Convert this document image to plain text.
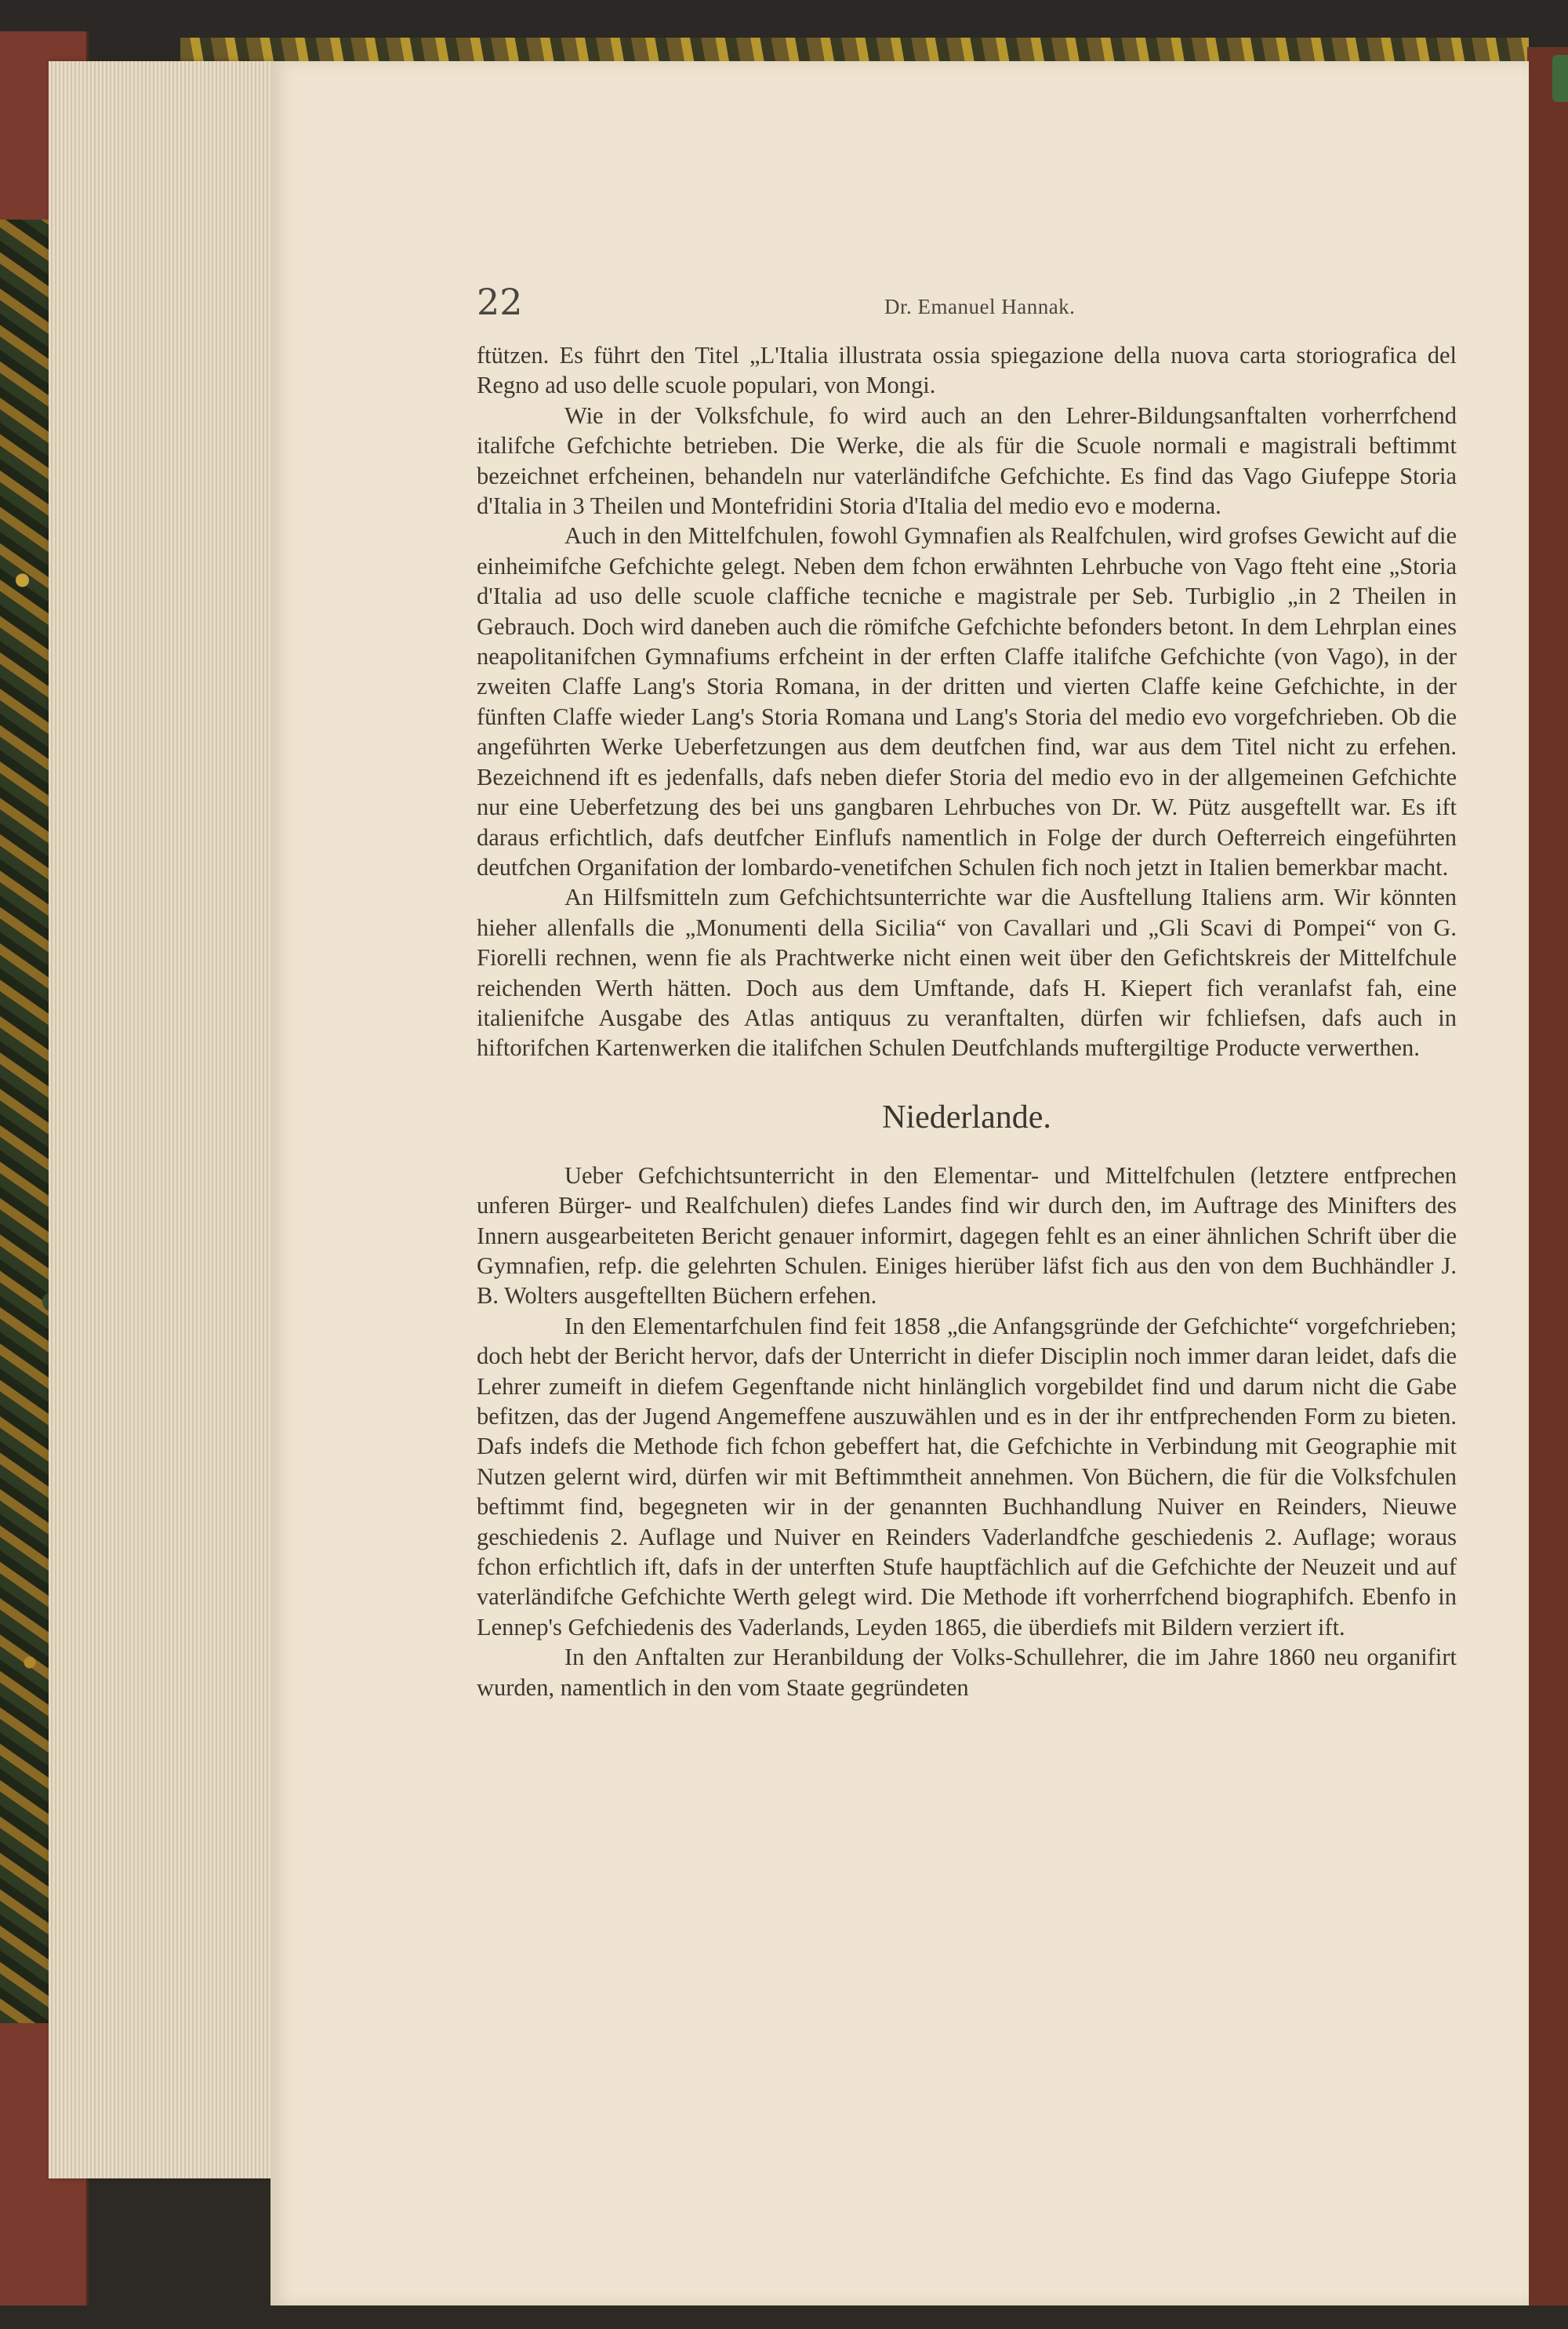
22	Dr. Emanuel Hannak.

ftützen. Es führt den Titel „L'Italia illustrata ossia spiegazione della nuova carta storiografica del Regno ad uso delle scuole populari, von Mongi.

Wie in der Volksfchule, fo wird auch an den Lehrer-Bildungsanftalten vorherrfchend italifche Gefchichte betrieben. Die Werke, die als für die Scuole normali e magistrali beftimmt bezeichnet erfcheinen, behandeln nur vaterländifche Gefchichte. Es find das Vago Giufeppe Storia d'Italia in 3 Theilen und Montefridini Storia d'Italia del medio evo e moderna.

Auch in den Mittelfchulen, fowohl Gymnafien als Realfchulen, wird grofses Gewicht auf die einheimifche Gefchichte gelegt. Neben dem fchon erwähnten Lehrbuche von Vago fteht eine „Storia d'Italia ad uso delle scuole claffiche tecniche e magistrale per Seb. Turbiglio „in 2 Theilen in Gebrauch. Doch wird daneben auch die römifche Gefchichte befonders betont. In dem Lehrplan eines neapolitanifchen Gymnafiums erfcheint in der erften Claffe italifche Gefchichte (von Vago), in der zweiten Claffe Lang's Storia Romana, in der dritten und vierten Claffe keine Gefchichte, in der fünften Claffe wieder Lang's Storia Romana und Lang's Storia del medio evo vorgefchrieben. Ob die angeführten Werke Ueberfetzungen aus dem deutfchen find, war aus dem Titel nicht zu erfehen. Bezeichnend ift es jedenfalls, dafs neben diefer Storia del medio evo in der allgemeinen Gefchichte nur eine Ueberfetzung des bei uns gangbaren Lehrbuches von Dr. W. Pütz ausgeftellt war. Es ift daraus erfichtlich, dafs deutfcher Einflufs namentlich in Folge der durch Oefterreich eingeführten deutfchen Organifation der lombardo-venetifchen Schulen fich noch jetzt in Italien bemerkbar macht.

An Hilfsmitteln zum Gefchichtsunterrichte war die Ausftellung Italiens arm. Wir könnten hieher allenfalls die „Monumenti della Sicilia“ von Cavallari und „Gli Scavi di Pompei“ von G. Fiorelli rechnen, wenn fie als Prachtwerke nicht einen weit über den Gefichtskreis der Mittelfchule reichenden Werth hätten. Doch aus dem Umftande, dafs H. Kiepert fich veranlafst fah, eine italienifche Ausgabe des Atlas antiquus zu veranftalten, dürfen wir fchliefsen, dafs auch in hiftorifchen Kartenwerken die italifchen Schulen Deutfchlands muftergiltige Producte verwerthen.

Niederlande.

Ueber Gefchichtsunterricht in den Elementar- und Mittelfchulen (letztere entfprechen unferen Bürger- und Realfchulen) diefes Landes find wir durch den, im Auftrage des Minifters des Innern ausgearbeiteten Bericht genauer informirt, dagegen fehlt es an einer ähnlichen Schrift über die Gymnafien, refp. die gelehrten Schulen. Einiges hierüber läfst fich aus den von dem Buchhändler J. B. Wolters ausgeftellten Büchern erfehen.

In den Elementarfchulen find feit 1858 „die Anfangsgründe der Gefchichte“ vorgefchrieben; doch hebt der Bericht hervor, dafs der Unterricht in diefer Disciplin noch immer daran leidet, dafs die Lehrer zumeift in diefem Gegenftande nicht hinlänglich vorgebildet find und darum nicht die Gabe befitzen, das der Jugend Angemeffene auszuwählen und es in der ihr entfprechenden Form zu bieten. Dafs indefs die Methode fich fchon gebeffert hat, die Gefchichte in Verbindung mit Geographie mit Nutzen gelernt wird, dürfen wir mit Beftimmtheit annehmen. Von Büchern, die für die Volksfchulen beftimmt find, begegneten wir in der genannten Buchhandlung Nuiver en Reinders, Nieuwe geschiedenis 2. Auflage und Nuiver en Reinders Vaderlandfche geschiedenis 2. Auflage; woraus fchon erfichtlich ift, dafs in der unterften Stufe hauptfächlich auf die Gefchichte der Neuzeit und auf vaterländifche Gefchichte Werth gelegt wird. Die Methode ift vorherrfchend biographifch. Ebenfo in Lennep's Gefchiedenis des Vaderlands, Leyden 1865, die überdiefs mit Bildern verziert ift.

In den Anftalten zur Heranbildung der Volks-Schullehrer, die im Jahre 1860 neu organifirt wurden, namentlich in den vom Staate gegründeten
